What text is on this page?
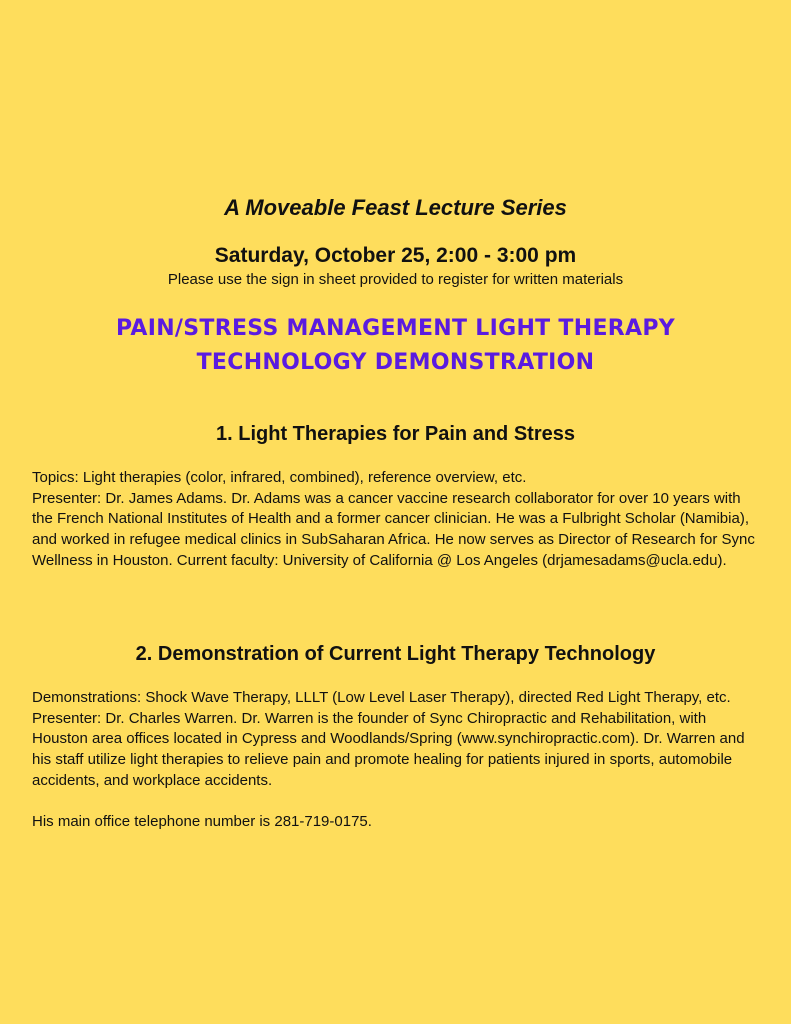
A Moveable Feast Lecture Series
Saturday, October 25, 2:00 - 3:00 pm
Please use the sign in sheet provided to register for written materials
PAIN/STRESS MANAGEMENT LIGHT THERAPY
TECHNOLOGY DEMONSTRATION
1. Light Therapies for Pain and Stress

Topics: Light therapies (color, infrared, combined), reference overview, etc.

Presenter: Dr. James Adams. Dr. Adams was a cancer vaccine research collaborator for over 10 years with the French National Institutes of Health and a former cancer clinician. He was a Fulbright Scholar (Namibia), and worked in refugee medical clinics in SubSaharan Africa. He now serves as Director of Research for Sync Wellness in Houston. Current faculty: University of California @ Los Angeles (drjamesadams@ucla.edu).

2. Demonstration of Current Light Therapy Technology

Demonstrations: Shock Wave Therapy, LLLT (Low Level Laser Therapy), directed Red Light Therapy, etc.   Presenter: Dr. Charles Warren. Dr. Warren is the founder of Sync Chiropractic and Rehabilitation, with Houston area offices located in Cypress and Woodlands/Spring (www.synchiropractic.com). Dr. Warren and his staff utilize light therapies to relieve pain and promote healing for patients injured in sports, automobile accidents, and workplace accidents.

His main office telephone number is 281-719-0175.
